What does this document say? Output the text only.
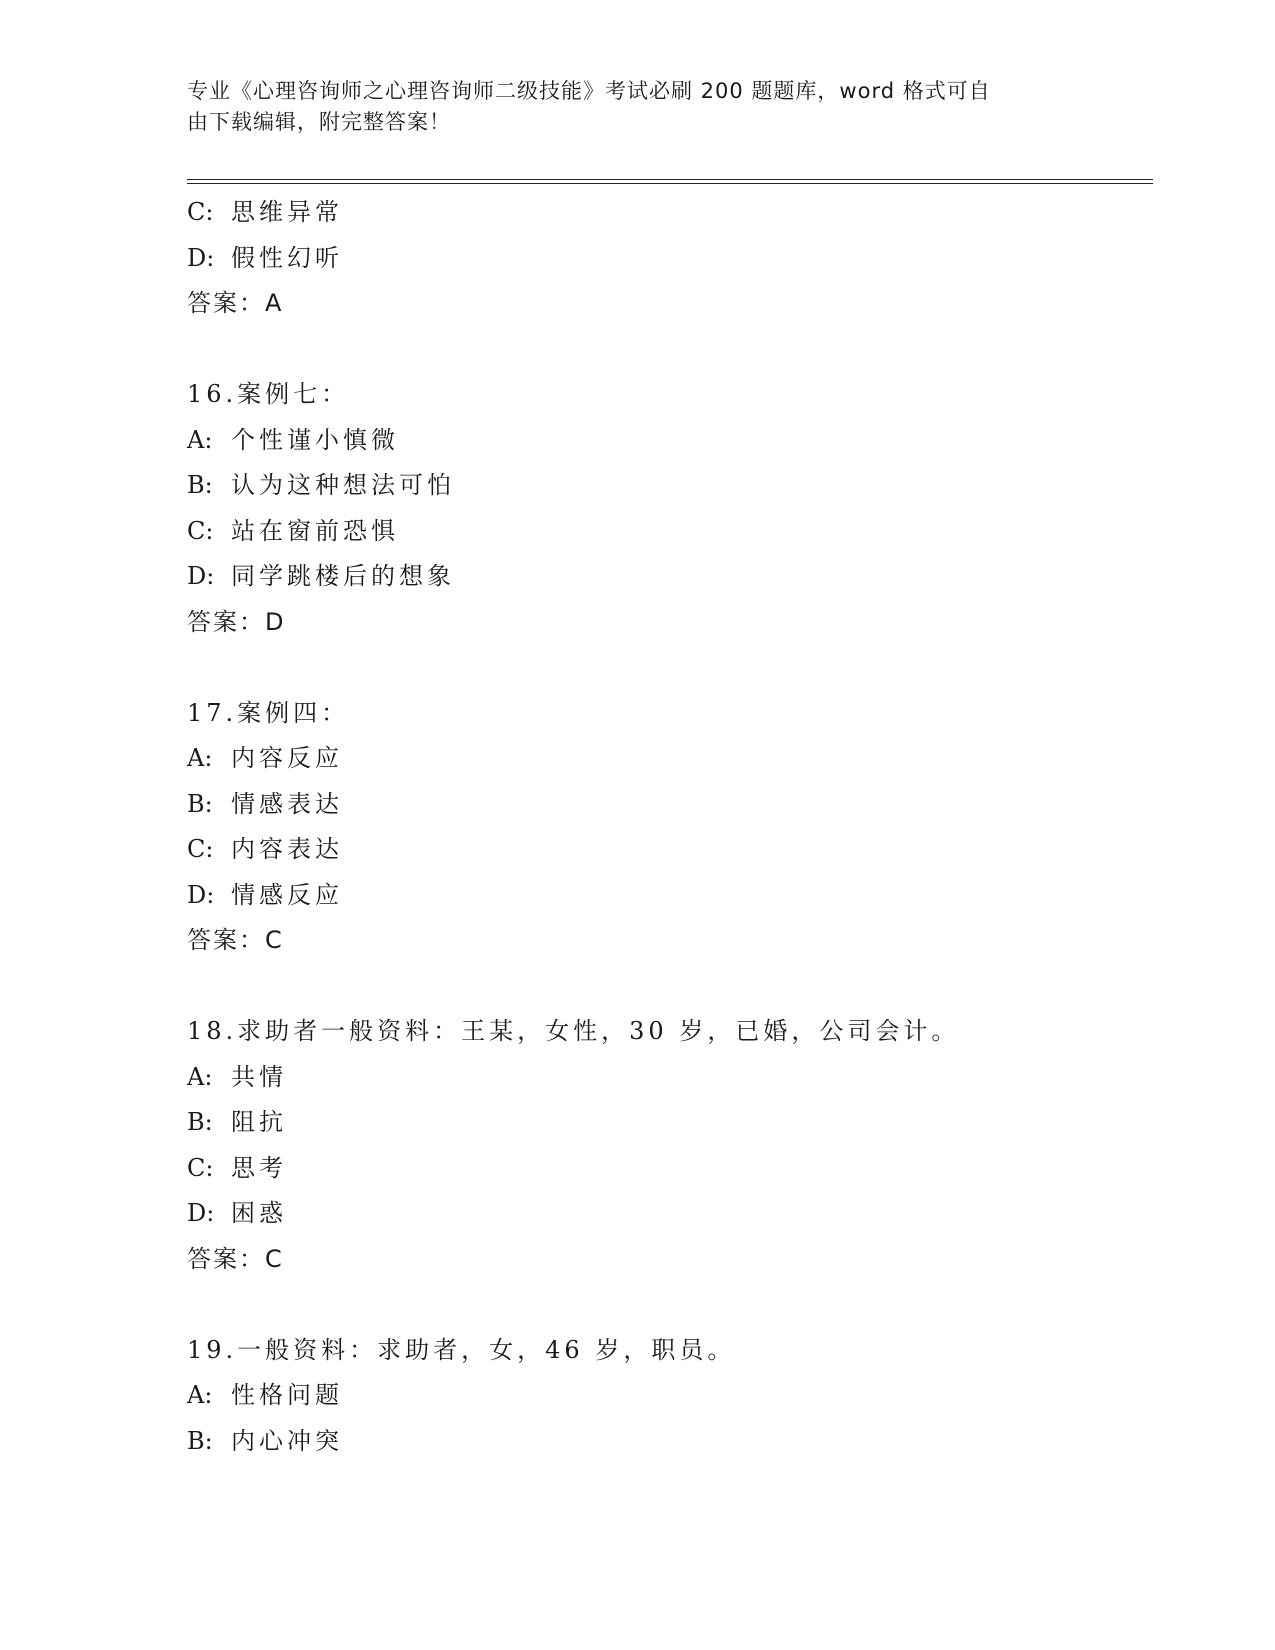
专业《心理咨询师之心理咨询师二级技能》考试必刷 200 题题库，word 格式可自
由下载编辑，附完整答案！
C: 思维异常
D: 假性幻听
答案：A
16.案例七：
A: 个性谨小慎微
B: 认为这种想法可怕
C: 站在窗前恐惧
D: 同学跳楼后的想象
答案：D
17.案例四：
A: 内容反应
B: 情感表达
C: 内容表达
D: 情感反应
答案：C
18.求助者一般资料：王某，女性，30 岁，已婚，公司会计。
A: 共情
B: 阻抗
C: 思考
D: 困惑
答案：C
19.一般资料：求助者，女，46 岁，职员。
A: 性格问题
B: 内心冲突
